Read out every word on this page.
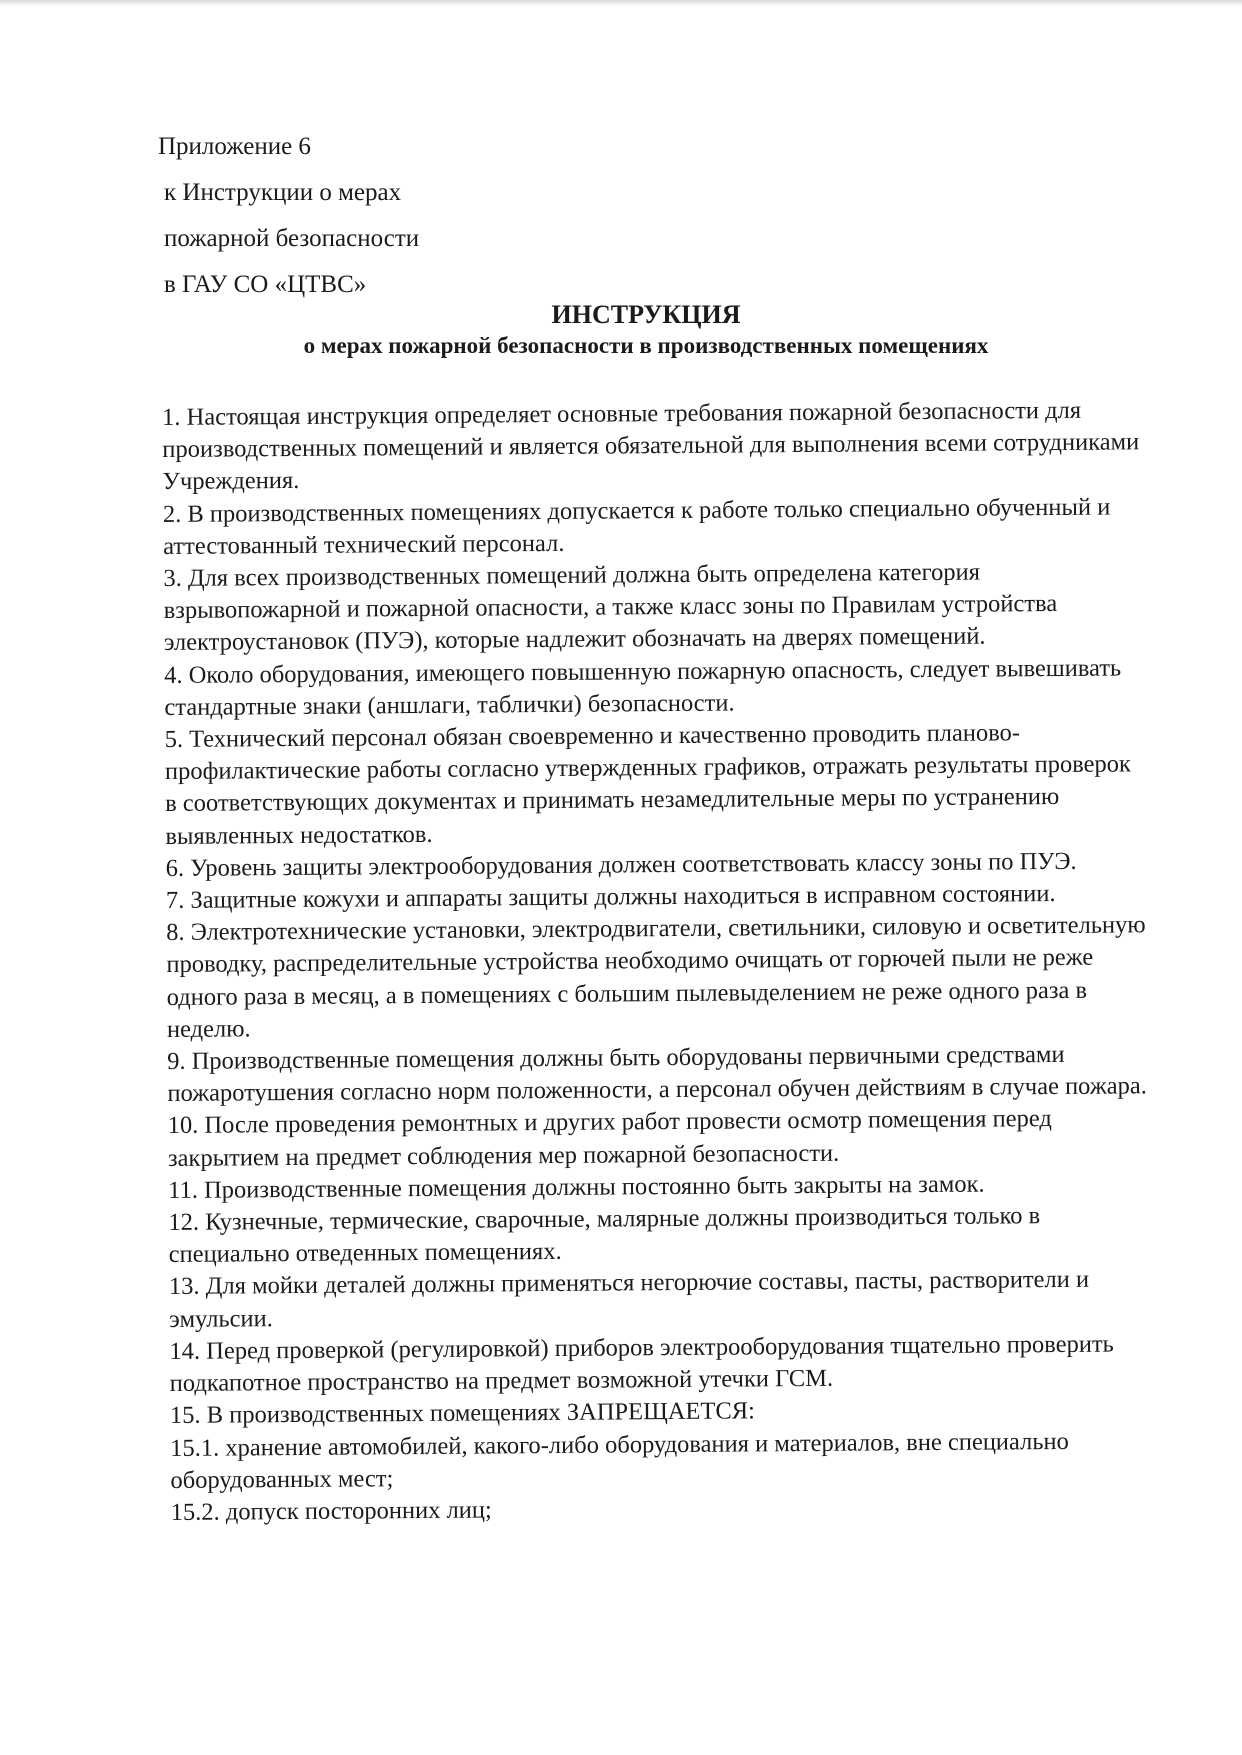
Приложение 6
к Инструкции о мерах
пожарной безопасности
в ГАУ СО «ЦТВС»
ИНСТРУКЦИЯ
о мерах пожарной безопасности в производственных помещениях

1. Настоящая инструкция определяет основные требования пожарной безопасности для производственных помещений и является обязательной для выполнения всеми сотрудниками Учреждения.

2. В производственных помещениях допускается к работе только специально обученный и аттестованный технический персонал.

3. Для всех производственных помещений должна быть определена категория взрывопожарной и пожарной опасности, а также класс зоны по Правилам устройства электроустановок (ПУЭ), которые надлежит обозначать на дверях помещений.

4. Около оборудования, имеющего повышенную пожарную опасность, следует вывешивать стандартные знаки (аншлаги, таблички) безопасности.

5. Технический персонал обязан своевременно и качественно проводить планово-профилактические работы согласно утвержденных графиков, отражать результаты проверок в соответствующих документах и принимать незамедлительные меры по устранению выявленных недостатков.

6. Уровень защиты электрооборудования должен соответствовать классу зоны по ПУЭ.

7. Защитные кожухи и аппараты защиты должны находиться в исправном состоянии.

8. Электротехнические установки, электродвигатели, светильники, силовую и осветительную проводку, распределительные устройства необходимо очищать от горючей пыли не реже одного раза в месяц, а в помещениях с большим пылевыделением не реже одного раза в неделю.

9. Производственные помещения должны быть оборудованы первичными средствами пожаротушения согласно норм положенности, а персонал обучен действиям в случае пожара.

10. После проведения ремонтных и других работ провести осмотр помещения перед закрытием на предмет соблюдения мер пожарной безопасности.

11. Производственные помещения должны постоянно быть закрыты на замок.

12. Кузнечные, термические, сварочные, малярные должны производиться только в специально отведенных помещениях.

13. Для мойки деталей должны применяться негорючие составы, пасты, растворители и эмульсии.

14. Перед проверкой (регулировкой) приборов электрооборудования тщательно проверить подкапотное пространство на предмет возможной утечки ГСМ.

15. В производственных помещениях ЗАПРЕЩАЕТСЯ:

15.1. хранение автомобилей, какого-либо оборудования и материалов, вне специально оборудованных мест;

15.2. допуск посторонних лиц;
